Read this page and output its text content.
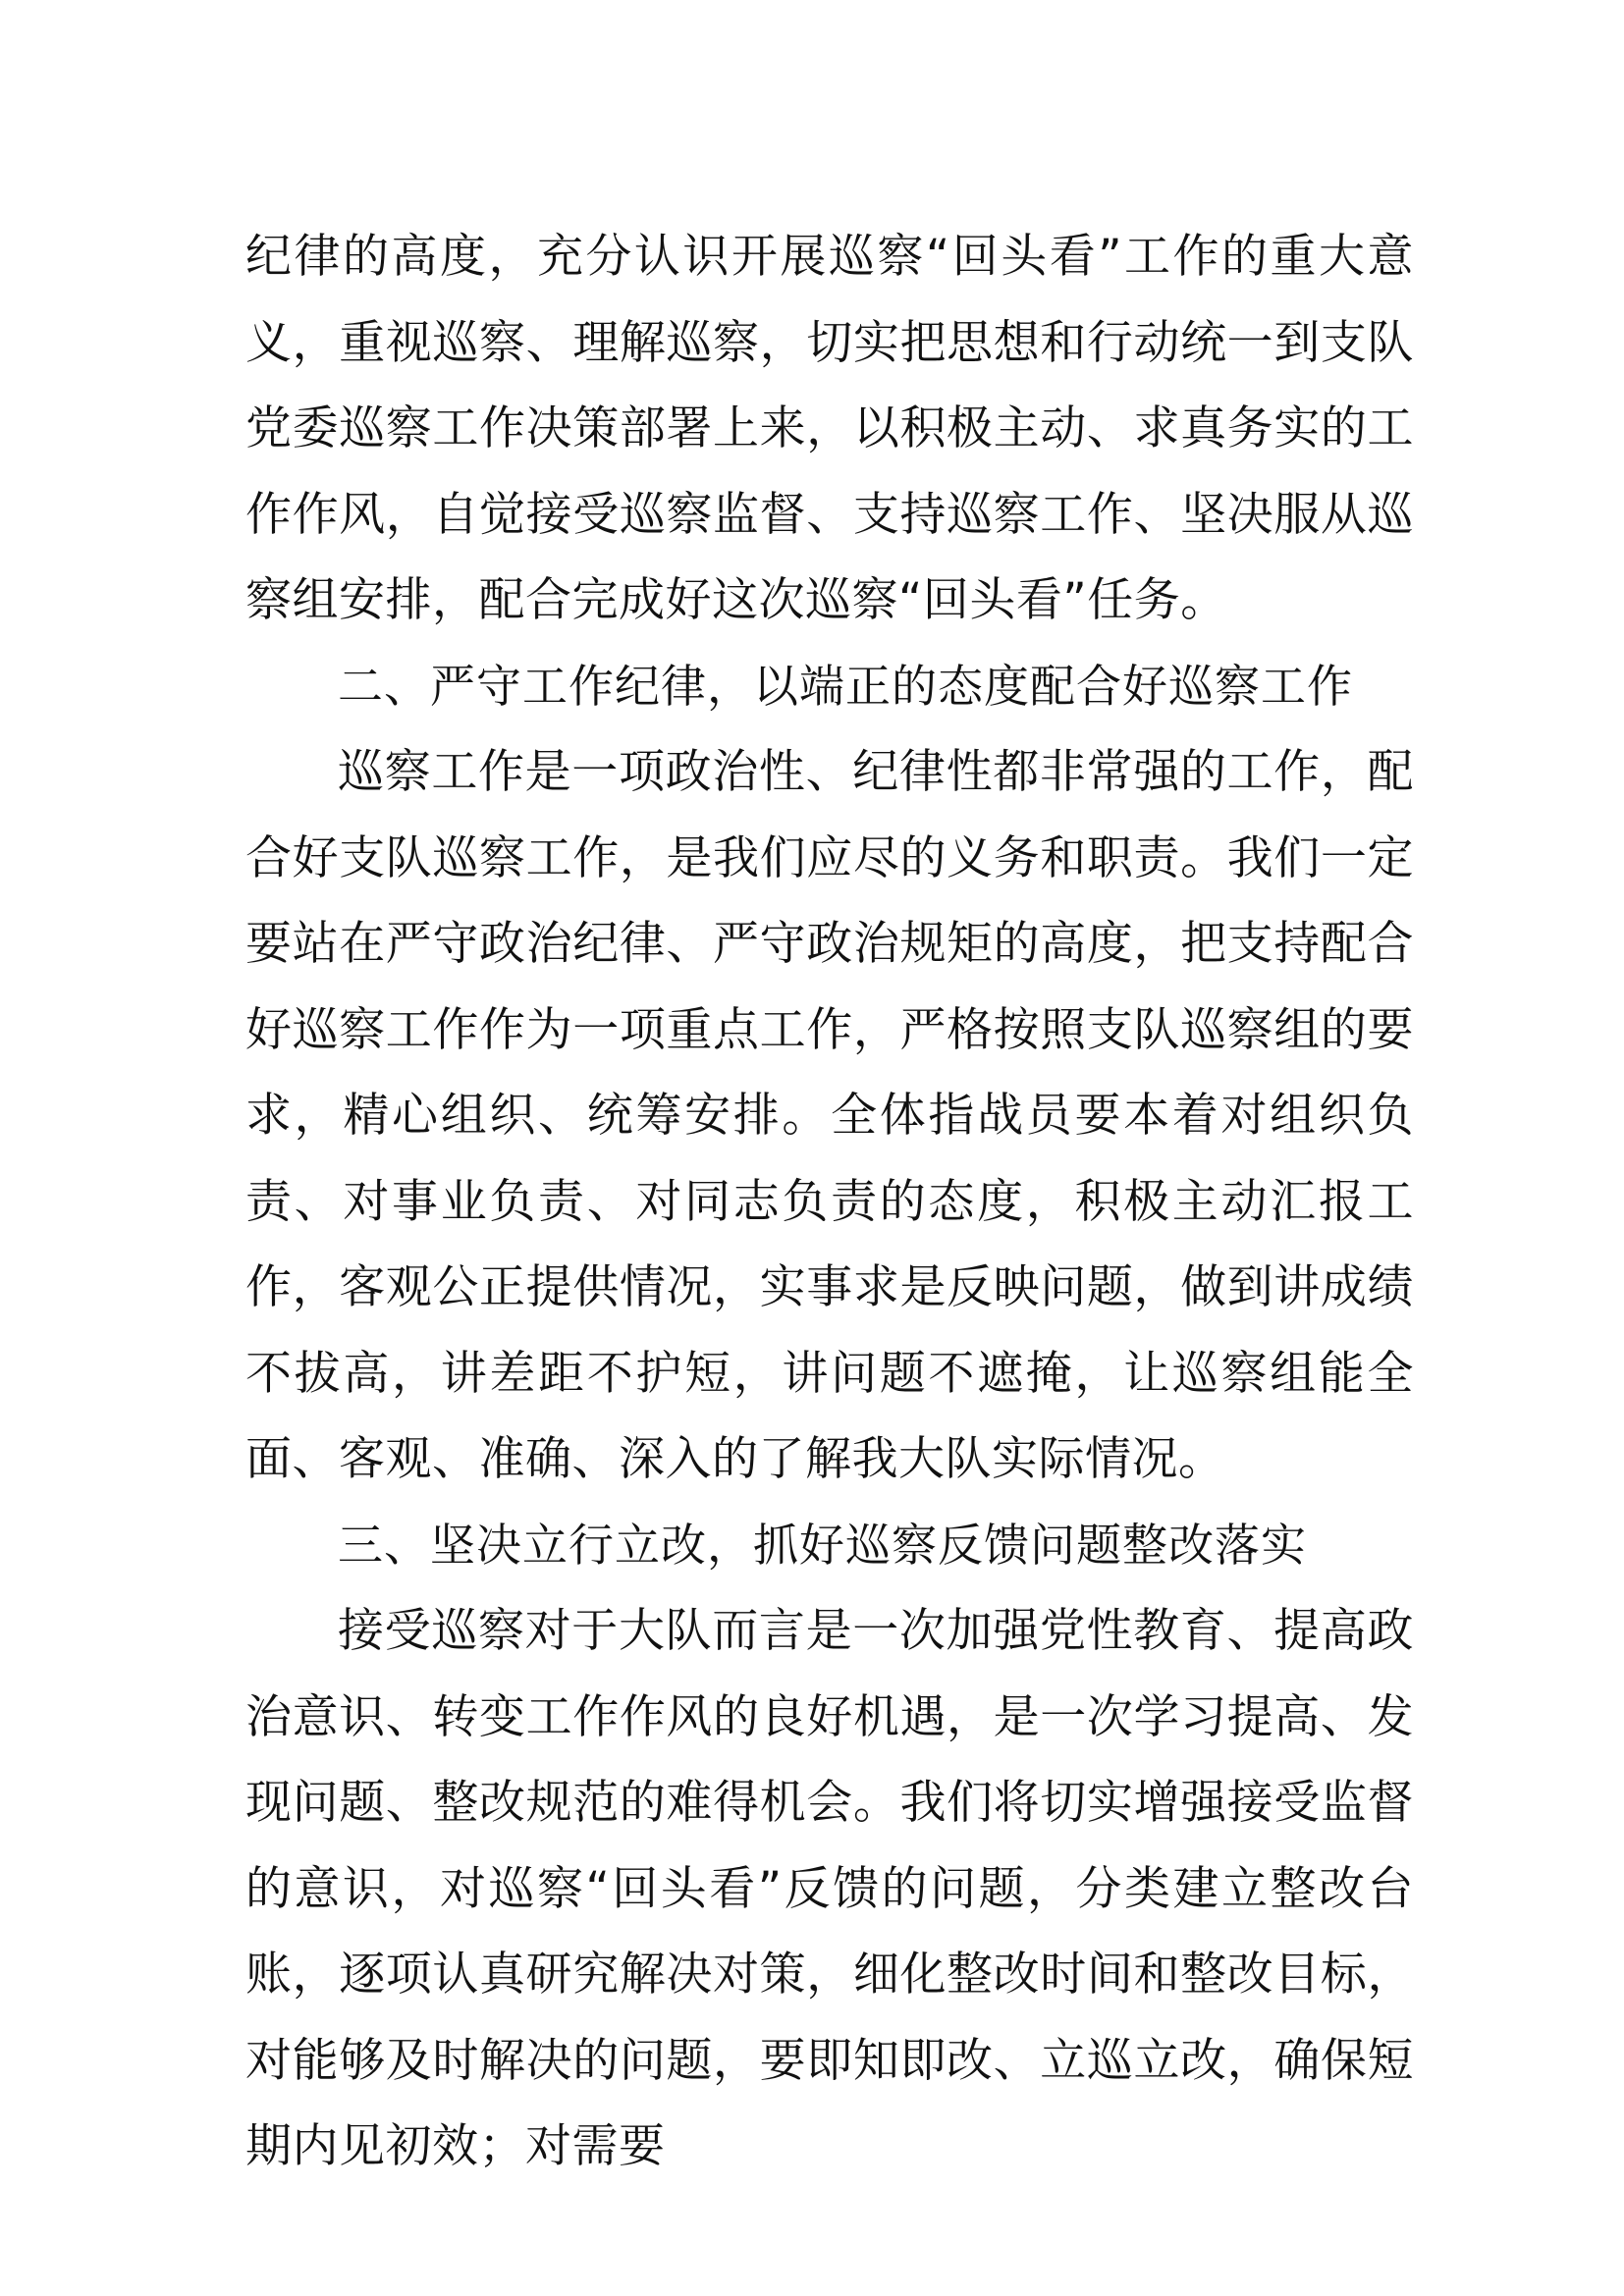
纪律的高度，充分认识开展巡察“回头看”工作的重大意义，重视巡察、理解巡察，切实把思想和行动统一到支队党委巡察工作决策部署上来，以积极主动、求真务实的工作作风，自觉接受巡察监督、支持巡察工作、坚决服从巡察组安排，配合完成好这次巡察“回头看”任务。

二、严守工作纪律，以端正的态度配合好巡察工作

巡察工作是一项政治性、纪律性都非常强的工作，配合好支队巡察工作，是我们应尽的义务和职责。我们一定要站在严守政治纪律、严守政治规矩的高度，把支持配合好巡察工作作为一项重点工作，严格按照支队巡察组的要求，精心组织、统筹安排。全体指战员要本着对组织负责、对事业负责、对同志负责的态度，积极主动汇报工作，客观公正提供情况，实事求是反映问题，做到讲成绩不拔高，讲差距不护短，讲问题不遮掩，让巡察组能全面、客观、准确、深入的了解我大队实际情况。

三、坚决立行立改，抓好巡察反馈问题整改落实

接受巡察对于大队而言是一次加强党性教育、提高政治意识、转变工作作风的良好机遇，是一次学习提高、发现问题、整改规范的难得机会。我们将切实增强接受监督的意识，对巡察“回头看”反馈的问题，分类建立整改台账，逐项认真研究解决对策，细化整改时间和整改目标，对能够及时解决的问题，要即知即改、立巡立改，确保短期内见初效；对需要
